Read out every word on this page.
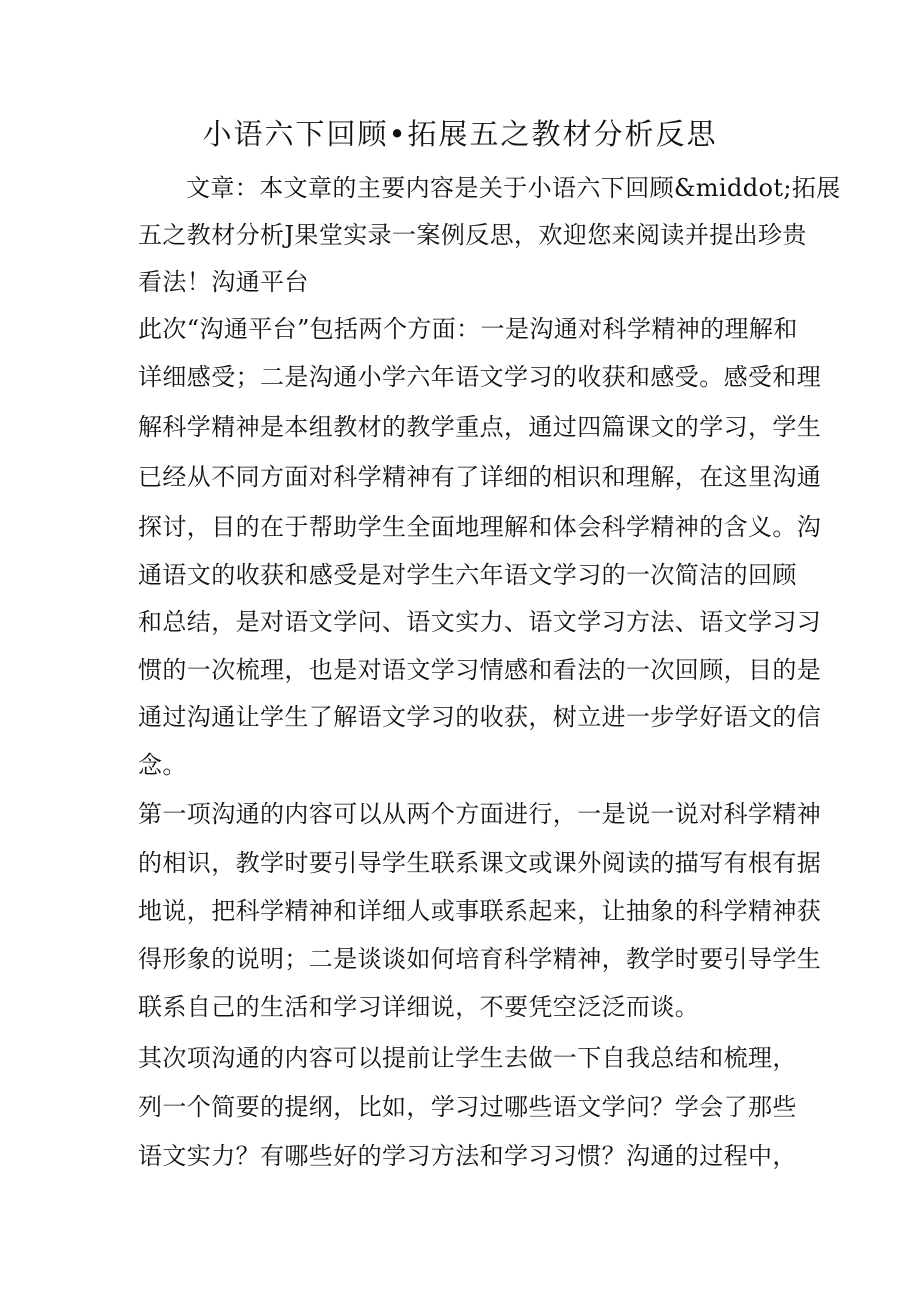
小语六下回顾•拓展五之教材分析反思

文章：本文章的主要内容是关于小语六下回顾&middot;拓展

五之教材分析J果堂实录一案例反思，欢迎您来阅读并提出珍贵

看法！沟通平台

此次“沟通平台”包括两个方面：一是沟通对科学精神的理解和

详细感受；二是沟通小学六年语文学习的收获和感受。感受和理

解科学精神是本组教材的教学重点，通过四篇课文的学习，学生

已经从不同方面对科学精神有了详细的相识和理解，在这里沟通

探讨，目的在于帮助学生全面地理解和体会科学精神的含义。沟

通语文的收获和感受是对学生六年语文学习的一次简洁的回顾

和总结，是对语文学问、语文实力、语文学习方法、语文学习习

惯的一次梳理，也是对语文学习情感和看法的一次回顾，目的是

通过沟通让学生了解语文学习的收获，树立进一步学好语文的信

念。

第一项沟通的内容可以从两个方面进行，一是说一说对科学精神

的相识，教学时要引导学生联系课文或课外阅读的描写有根有据

地说，把科学精神和详细人或事联系起来，让抽象的科学精神获

得形象的说明；二是谈谈如何培育科学精神，教学时要引导学生

联系自己的生活和学习详细说，不要凭空泛泛而谈。

其次项沟通的内容可以提前让学生去做一下自我总结和梳理，

列一个简要的提纲，比如，学习过哪些语文学问？学会了那些

语文实力？有哪些好的学习方法和学习习惯？沟通的过程中，
